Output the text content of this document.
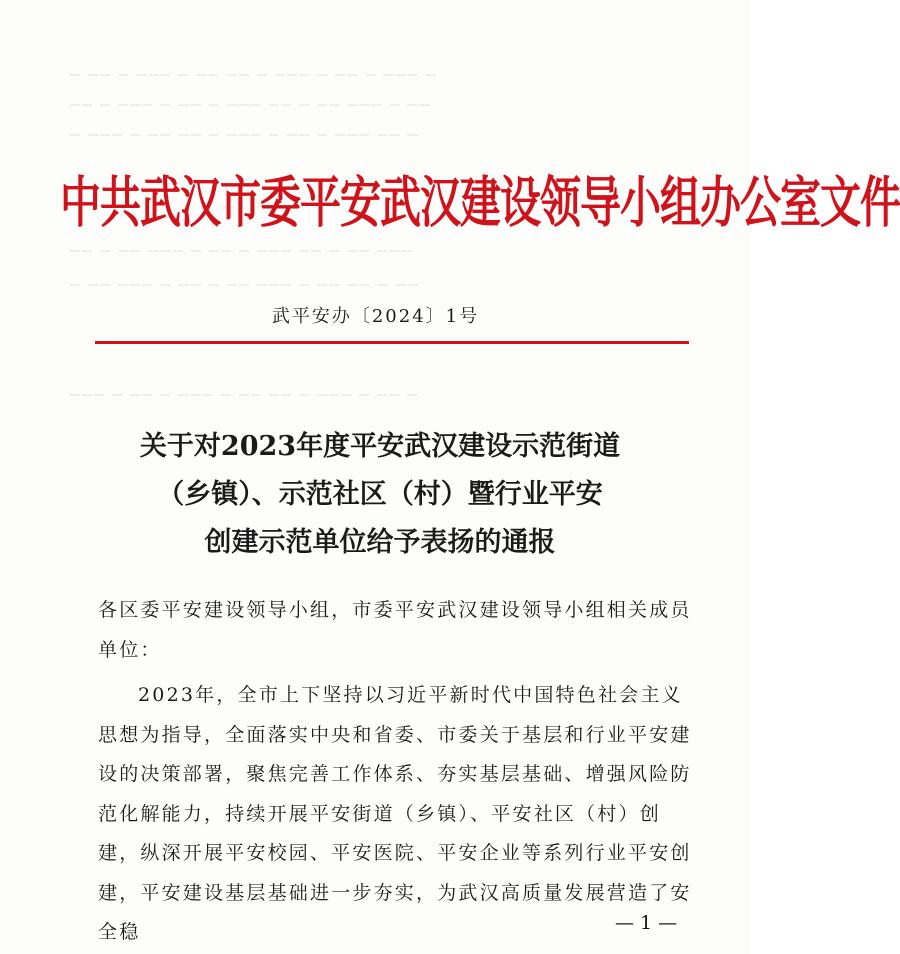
▁ ▁▁ ▁ ▁▁▁ ▁ ▁▁ ▁▁ ▁ ▁▁▁ ▁ ▁▁ ▁ ▁▁▁ ▁
▁▁ ▁ ▁▁▁ ▁ ▁▁ ▁ ▁▁▁ ▁▁ ▁ ▁▁ ▁▁▁ ▁ ▁▁
▁ ▁▁▁ ▁ ▁▁ ▁▁ ▁ ▁▁▁ ▁ ▁▁ ▁ ▁▁▁ ▁▁ ▁
▁▁ ▁ ▁▁ ▁▁▁ ▁ ▁▁ ▁ ▁▁▁ ▁▁ ▁ ▁▁ ▁▁▁
▁ ▁▁ ▁▁▁ ▁ ▁▁ ▁ ▁▁ ▁▁▁ ▁ ▁▁ ▁▁ ▁ ▁▁
▁▁▁ ▁ ▁▁ ▁ ▁▁▁ ▁ ▁▁ ▁▁ ▁ ▁▁▁ ▁ ▁▁ ▁
中共武汉市委平安武汉建设领导小组办公室文件
武平安办〔2024〕1号
关于对2023年度平安武汉建设示范街道
（乡镇）、示范社区（村）暨行业平安
创建示范单位给予表扬的通报
各区委平安建设领导小组，市委平安武汉建设领导小组相关成员单位：
2023年，全市上下坚持以习近平新时代中国特色社会主义思想为指导，全面落实中央和省委、市委关于基层和行业平安建设的决策部署，聚焦完善工作体系、夯实基层基础、增强风险防范化解能力，持续开展平安街道（乡镇）、平安社区（村）创建，纵深开展平安校园、平安医院、平安企业等系列行业平安创建，平安建设基层基础进一步夯实，为武汉高质量发展营造了安全稳	— 1 —
